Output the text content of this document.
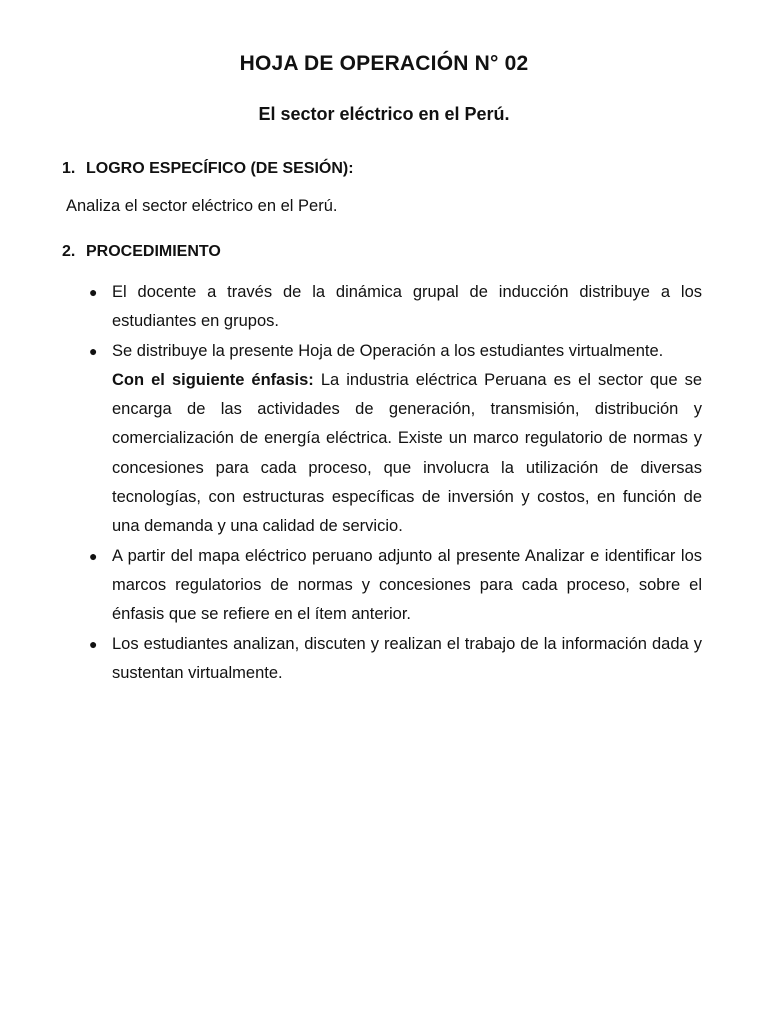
HOJA DE OPERACIÓN N° 02
El sector eléctrico en el Perú.
1. LOGRO ESPECÍFICO (DE SESIÓN):
Analiza el sector eléctrico en el Perú.
2. PROCEDIMIENTO
● El docente a través de la dinámica grupal de inducción distribuye a los estudiantes en grupos.

● Se distribuye la presente Hoja de Operación a los estudiantes virtualmente.

Con el siguiente énfasis: La industria eléctrica Peruana es el sector que se encarga de las actividades de generación, transmisión, distribución y comercialización de energía eléctrica. Existe un marco regulatorio de normas y concesiones para cada proceso, que involucra la utilización de diversas tecnologías, con estructuras específicas de inversión y costos, en función de una demanda y una calidad de servicio.

● A partir del mapa eléctrico peruano adjunto al presente Analizar e identificar los marcos regulatorios de normas y concesiones para cada proceso, sobre el énfasis que se refiere en el ítem anterior.

● Los estudiantes analizan, discuten y realizan el trabajo de la información dada y sustentan virtualmente.
